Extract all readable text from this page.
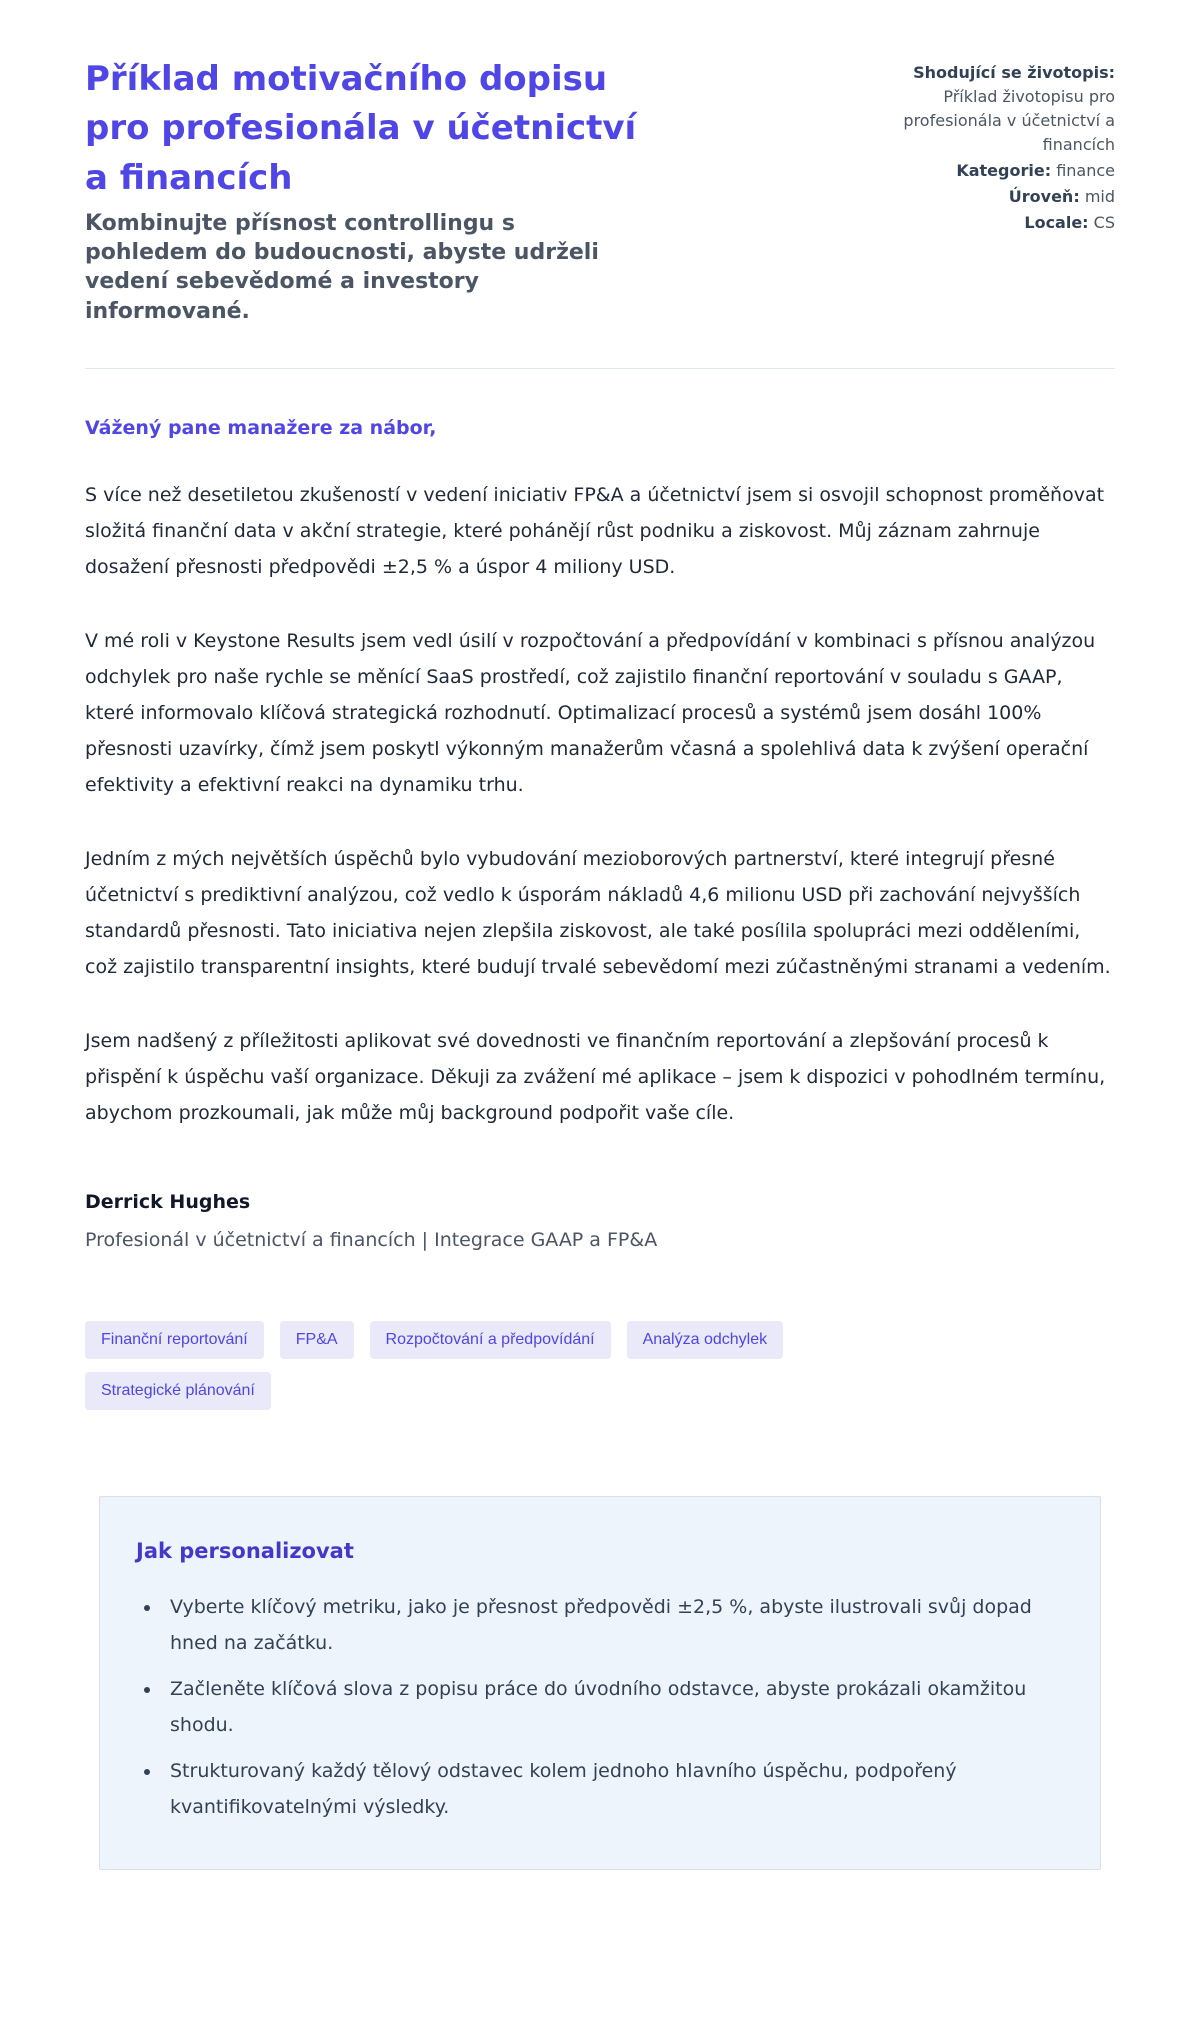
Příklad motivačního dopisu pro profesionála v účetnictví a financích
Kombinujte přísnost controllingu s pohledem do budoucnosti, abyste udrželi vedení sebevědomé a investory informované.
Shodující se životopis:
Příklad životopisu pro profesionála v účetnictví a financích
Kategorie: finance
Úroveň: mid
Locale: CS
Vážený pane manažere za nábor,

S více než desetiletou zkušeností v vedení iniciativ FP&A a účetnictví jsem si osvojil schopnost proměňovat složitá finanční data v akční strategie, které pohánějí růst podniku a ziskovost. Můj záznam zahrnuje dosažení přesnosti předpovědi ±2,5 % a úspor 4 miliony USD.

V mé roli v Keystone Results jsem vedl úsilí v rozpočtování a předpovídání v kombinaci s přísnou analýzou odchylek pro naše rychle se měnící SaaS prostředí, což zajistilo finanční reportování v souladu s GAAP, které informovalo klíčová strategická rozhodnutí. Optimalizací procesů a systémů jsem dosáhl 100% přesnosti uzavírky, čímž jsem poskytl výkonným manažerům včasná a spolehlivá data k zvýšení operační efektivity a efektivní reakci na dynamiku trhu.

Jedním z mých největších úspěchů bylo vybudování mezioborových partnerství, které integrují přesné účetnictví s prediktivní analýzou, což vedlo k úsporám nákladů 4,6 milionu USD při zachování nejvyšších standardů přesnosti. Tato iniciativa nejen zlepšila ziskovost, ale také posílila spolupráci mezi odděleními, což zajistilo transparentní insights, které budují trvalé sebevědomí mezi zúčastněnými stranami a vedením.

Jsem nadšený z příležitosti aplikovat své dovednosti ve finančním reportování a zlepšování procesů k přispění k úspěchu vaší organizace. Děkuji za zvážení mé aplikace – jsem k dispozici v pohodlném termínu, abychom prozkoumali, jak může můj background podpořit vaše cíle.

Derrick Hughes
Profesionál v účetnictví a financích | Integrace GAAP a FP&A
Finanční reportování	FP&A	Rozpočtování a předpovídání	Analýza odchylek
Strategické plánování
Jak personalizovat
• Vyberte klíčový metriku, jako je přesnost předpovědi ±2,5 %, abyste ilustrovali svůj dopad hned na začátku.
• Začleněte klíčová slova z popisu práce do úvodního odstavce, abyste prokázali okamžitou shodu.
• Strukturovaný každý tělový odstavec kolem jednoho hlavního úspěchu, podpořený kvantifikovatelnými výsledky.
